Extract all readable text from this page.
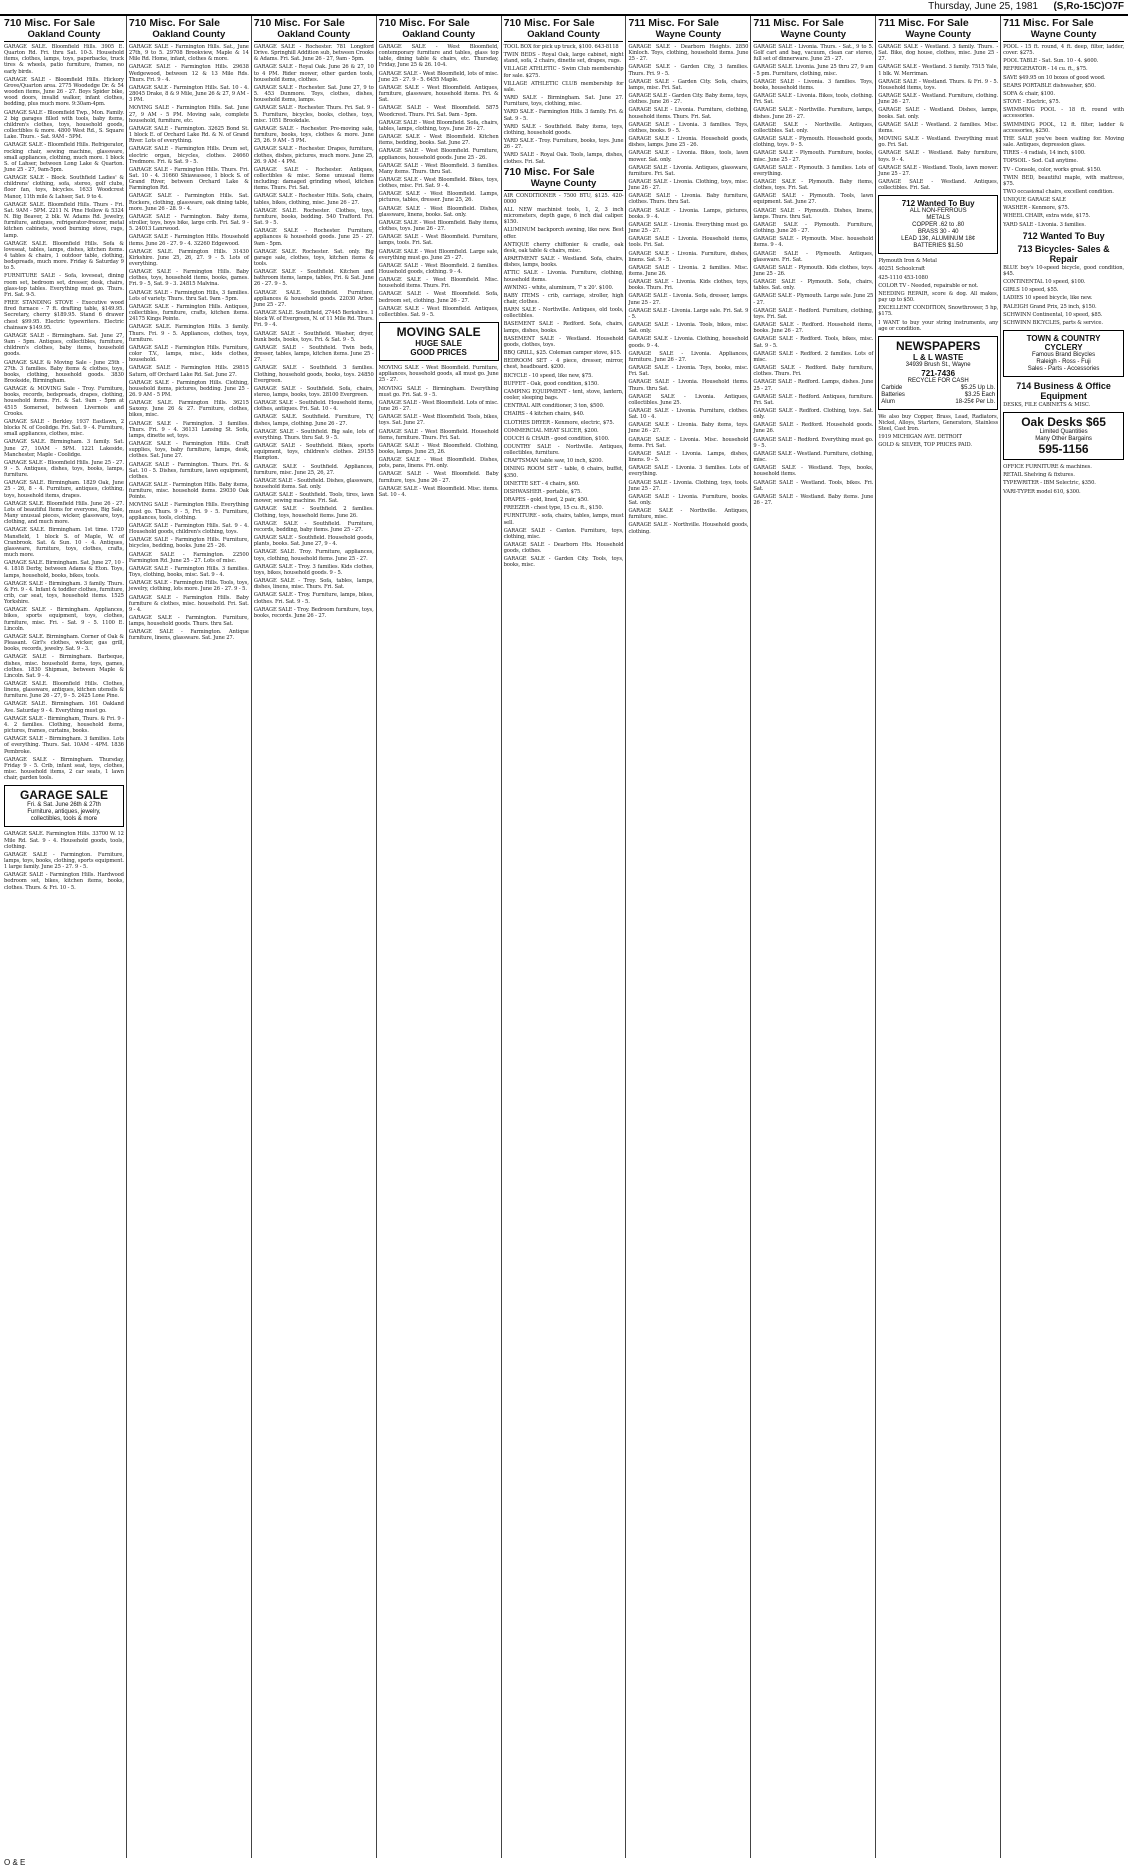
Thursday, June 25, 1981 (S,Ro-15C)O7F
710 Misc. For Sale
Oakland County
GARAGE SALE. Bloomfield Hills. 3905 E. Quarton Rd. Fri. thru Sat. 10-3. Household items, clothes, lamps, toys, paperbacks, truck tires & wheels, patio furniture, frames, no early birds.
GARAGE SALE - Bloomfield Hills. Hickory Grove/Quarton area. 2775 Woodedge Dr. & 54 wooden items, June 26 - 27. Boys Spider bike, wood doors, invalid walker, infant clothes, bedding, plus much more. 9:30am-4pm.
GARAGE SALE - Bloomfield Twp., Mon. Family. 2 big garages filled with tools, baby items, children's clothes, toys, household goods, collectibles & more. 4800 West Rd., S. Square Lake. Thurs. - Sat. 9AM - 5PM.
GARAGE SALE - Bloomfield Hills. Refrigerator, rocking chair, sewing machine, glassware, small appliances, clothing, much more. 1 block S. of Lahser, between Long Lake & Quarton. June 25 - 27, 9am-5pm.
GARAGE SALE - Block. Southfield Ladies' & childrens' clothing, sofa, stereo, golf clubs, floor fan, toys, bicycles. 1633 Woodcrest Manor, 11th mile & Lahser, Sat. 9 to 4.
GARAGE SALE. Bloomfield Hills. Thurs - Fri. Sat. 9AM - 5PM. 2211 N. Pine Hollow & 5324 N. Big Beaver, 2 blk. W. Adams Rd. Jewelry, furniture, antiques, refrigerator-freezer, metal kitchen cabinets, wood burning stove, rugs, lamp.
GARAGE SALE. Bloomfield Hills. Sofa & loveseat, tables, lamps, dishes, kitchen items. 4 tables & chairs, 1 outdoor table, clothing, bedspreads, much more. Friday & Saturday 9 to 5.
FURNITURE SALE - Sofa, loveseat, dining room set, bedroom set, dresser, desk, chairs, glass-top tables. Everything must go. Thurs. Fri. Sat. 9-5.
FREE STANDING STOVE - Executive wood fired furnace - 7 ft. drafting table, $149.95. Secretary, cherry $189.95. Stand 6 drawer chest $99.95. Electric typewriters. Electric chainsaw $149.95.
GARAGE SALE - Birmingham. Sat. June 27, 9am - 5pm. Antiques, collectibles, furniture, children's clothes, baby items, household goods.
GARAGE SALE & Moving Sale - June 25th - 27th. 3 families. Baby items & clothes, toys, books, clothing, household goods. 3830 Brookside, Birmingham.
GARAGE & MOVING Sale - Troy. Furniture, books, records, bedspreads, drapes, clothing, household items. Fri. & Sat. 9am - 5pm at 4515 Somerset, between Livernois and Crooks.
GARAGE SALE - Berkley. 1937 Eastlawn, 2 blocks N. of Coolidge. Fri. Sat. 9 - 4. Furniture, small appliances, clothes, misc.
GARAGE SALE. Birmingham. 3 family. Sat. June 27, 10AM - 5PM. 1221 Lakeside, Manchester, Maple - Coolidge.
GARAGE SALE - Bloomfield Hills. June 25 - 27. 9 - 5. Antiques, dishes, toys, books, lamps, furniture.
GARAGE SALE. Birmingham. 1829 Oak, June 25 - 26, 8 - 4. Furniture, antiques, clothing, toys, household items, drapes.
GARAGE SALE. Bloomfield Hills. June 26 - 27. Lots of beautiful Items for everyone, Big Sale, Many unusual pieces, wicker, glassware, toys, clothing, and much more.
GARAGE SALE. Birmingham. 1st time. 1720 Mansfield, 1 block S. of Maple, W. of Cranbrook. Sat. & Sun. 10 - 4. Antiques, glassware, furniture, toys, clothes, crafts, much more.
GARAGE SALE. Birmingham. Sat. June 27, 10 - 4. 1818 Derby, between Adams & Eton. Toys, lamps, household, books, bikes, tools.
GARAGE SALE - Birmingham. 3 family. Thurs. & Fri. 9 - 4. Infant & toddler clothes, furniture, crib, car seat, toys, household items. 1525 Yorkshire.
GARAGE SALE - Birmingham. Appliances, bikes, sports equipment, toys, clothes, furniture, misc. Fri. - Sat. 9 - 5. 1100 E. Lincoln.
GARAGE SALE. Birmingham. Corner of Oak & Pleasant. Girl's clothes, wicker, gas grill, books, records, jewelry. Sat. 9 - 3.
GARAGE SALE - Birmingham. Barbeque, dishes, misc. household items, toys, games, clothes. 1830 Shipman, between Maple & Lincoln. Sat. 9 - 4.
GARAGE SALE. Bloomfield Hills. Clothes, linens, glassware, antiques, kitchen utensils & furniture. June 26 - 27, 9 - 5. 2425 Lone Pine.
GARAGE SALE. Birmingham. 161 Oakland Ave. Saturday 9 - 4. Everything must go.
GARAGE SALE - Birmingham, Thurs. & Fri. 9 - 4. 2 families. Clothing, household items, pictures, frames, curtains, books.
GARAGE SALE - Birmingham. 3 families. Lots of everything. Thurs. Sat. 10AM - 4PM. 1836 Pembroke.
GARAGE SALE - Birmingham. Thursday, Friday 9 - 5. Crib, infant seat, toys, clothes, misc. household items, 2 car seats, 1 lawn chair, garden tools.
GARAGE SALE
Fri. & Sat. June 26th & 27th
Furniture, antiques, jewelry,
collectibles, tools & more
GARAGE SALE. Farmington Hills. 33700 W. 12 Mile Rd. Sat. 9 - 4. Household goods, tools, clothing.
GARAGE SALE - Farmington. Furniture, lamps, toys, books, clothing, sports equipment. 1 large family. June 25 - 27. 9 - 5.
GARAGE SALE - Farmington Hills. Hardwood bedroom set, bikes, kitchen items, books, clothes. Thurs. & Fri. 10 - 5.
710 Misc. For Sale
Oakland County
GARAGE SALE - Farmington Hills. Sat., June 27th, 9 to 5. 29708 Brookview, Maple & 14 Mile Rd. Home, infant, clothes & more.
GARAGE SALE - Farmington Hills. 29638 Wedgewood, between 12 & 13 Mile Rds. Thurs. Fri. 9 - 4.
GARAGE SALE - Farmington Hills. Sat. 10 - 4. 28045 Drake, 8 & 9 Mile, June 26 & 27, 9 AM - 3 PM.
MOVING SALE - Farmington Hills. Sat. June 27, 9 AM - 5 PM. Moving sale, complete household, furniture, etc.
GARAGE SALE - Farmington. 32625 Bond St. 1 block E. of Orchard Lake Rd. & N. of Grand River. Lots of everything.
GARAGE SALE - Farmington Hills. Drum set, electric organ, bicycles, clothes. 24660 Tredmore. Fri. & Sat. 9 - 5.
GARAGE SALE - Farmington Hills. Thurs. Fri. Sat. 10 - 4. 31660 Shiawassee, 1 block S. of Grand River, between Orchard Lake & Farmington Rd.
GARAGE SALE - Farmington Hills. Sat. Rockers, clothing, glassware, oak dining table, more. June 26 - 28. 9 - 4.
GARAGE SALE - Farmington. Baby items, stroller, toys, boys bike, large crib. Fri. Sat. 9 - 5. 24013 Lanrwood.
GARAGE SALE - Farmington Hills. Household items. June 26 - 27. 9 - 4. 32260 Edgewood.
GARAGE SALE. Farmington Hills. 31430 Kirkshire. June 25, 26, 27. 9 - 5. Lots of everything.
GARAGE SALE - Farmington Hills. Baby clothes, toys, household items, books, games. Fri. 9 - 5, Sat. 9 - 3. 24815 Malvina.
GARAGE SALE - Farmington Hills, 3 families. Lots of variety. Thurs. thru Sat. 9am - 5pm.
GARAGE SALE - Farmington Hills. Antiques, collectibles, furniture, crafts, kitchen items. 24175 Kings Pointe.
GARAGE SALE. Farmington Hills. 3 family. Thurs. Fri. 9 - 5. Appliances, clothes, toys, furniture.
GARAGE SALE - Farmington Hills. Furniture, color T.V., lamps, misc., kids clothes, household.
GARAGE SALE - Farmington Hills. 29815 Saturn, off Orchard Lake Rd. Sat. June 27.
GARAGE SALE - Farmington Hills. Clothing, household items, pictures, bedding. June 25 - 26. 9 AM - 5 PM.
GARAGE SALE. Farmington Hills. 36215 Saxony. June 26 & 27. Furniture, clothes, bikes, misc.
GARAGE SALE - Farmington. 3 families. Thurs. Fri. 9 - 4. 36131 Lansing St. Sofa, lamps, dinette set, toys.
GARAGE SALE - Farmington Hills. Craft supplies, toys, baby furniture, lamps, desk, clothes. Sat. June 27.
GARAGE SALE - Farmington. Thurs. Fri. & Sat. 10 - 5. Dishes, furniture, lawn equipment, clothes.
GARAGE SALE - Farmington Hills. Baby items, furniture, misc. household items. 29030 Oak Pointe.
MOVING SALE - Farmington Hills. Everything must go. Thurs. 9 - 5, Fri. 9 - 5. Furniture, appliances, tools, clothing.
GARAGE SALE - Farmington Hills. Sat. 9 - 4. Household goods, children's clothing, toys.
GARAGE SALE - Farmington Hills. Furniture, bicycles, bedding, books. June 25 - 26.
GARAGE SALE - Farmington. 22500 Farmington Rd. June 25 - 27. Lots of misc.
GARAGE SALE - Farmington Hills. 3 families. Toys, clothing, books, misc. Sat. 9 - 4.
GARAGE SALE - Farmington Hills. Tools, toys, jewelry, clothing, lots more. June 26 - 27. 9 - 5.
GARAGE SALE - Farmington Hills. Baby furniture & clothes, misc. household. Fri. Sat. 9 - 4.
GARAGE SALE - Farmington. Furniture, lamps, household goods. Thurs. thru Sat.
GARAGE SALE - Farmington. Antique furniture, linens, glassware. Sat. June 27.
710 Misc. For Sale
Oakland County
GARAGE SALE - Rochester. 781 Longford Drive. Springhill Addition sub, between Crooks & Adams. Fri. Sat. June 26 - 27, 9am - 5pm.
GARAGE SALE - Royal Oak. June 26 & 27, 10 to 4 PM. Rider mower, other garden tools, household items, clothes.
GARAGE SALE - Rochester. Sat. June 27, 9 to 5. 453 Dunmore. Toys, clothes, dishes, household items, lamps.
GARAGE SALE - Rochester. Thurs. Fri. Sat. 9 - 5. Furniture, bicycles, books, clothes, toys, misc. 1051 Brookdale.
GARAGE SALE - Rochester. Pre-moving sale, furniture, books, toys, clothes & more. June 25, 26. 9 AM - 5 PM.
GARAGE SALE - Rochester. Drapes, furniture, clothes, dishes, pictures, much more. June 25, 26. 9 AM - 4 PM.
GARAGE SALE - Rochester. Antiques, collectibles & misc. Some unusual items including: damaged grinding wheel, kitchen items. Thurs. Fri. Sat.
GARAGE SALE - Rochester Hills. Sofa, chairs, tables, bikes, clothing, misc. June 26 - 27.
GARAGE SALE. Rochester. Clothes, toys, furniture, books, bedding. 540 Trafford. Fri. Sat. 9 - 5.
GARAGE SALE - Rochester. Furniture, appliances & household goods. June 25 - 27. 9am - 5pm.
GARAGE SALE. Rochester. Sat. only. Big garage sale, clothes, toys, kitchen items & tools.
GARAGE SALE - Southfield. Kitchen and bathroom items, lamps, tables, Fri. & Sat. June 26 - 27. 9 - 5.
GARAGE SALE. Southfield. Furniture, appliances & household goods. 22030 Arbor. June 25 - 27.
GARAGE SALE. Southfield, 27445 Berkshire. 1 block W. of Evergreen, N. of 11 Mile Rd. Thurs. Fri. 9 - 4.
GARAGE SALE - Southfield. Washer, dryer, bunk beds, books, toys. Fri. & Sat. 9 - 5.
GARAGE SALE - Southfield. Twin beds, dresser, tables, lamps, kitchen items. June 25 - 27.
GARAGE SALE - Southfield. 3 families. Clothing, household goods, books, toys. 24850 Evergreen.
GARAGE SALE - Southfield. Sofa, chairs, stereo, lamps, books, toys. 28100 Evergreen.
GARAGE SALE - Southfield. Household items, clothes, antiques. Fri. Sat. 10 - 4.
GARAGE SALE. Southfield. Furniture, TV, dishes, lamps, clothing. June 26 - 27.
GARAGE SALE - Southfield. Big sale, lots of everything. Thurs. thru Sat. 9 - 5.
GARAGE SALE - Southfield. Bikes, sports equipment, toys, children's clothes. 29155 Hampton.
GARAGE SALE - Southfield. Appliances, furniture, misc. June 25, 26, 27.
GARAGE SALE - Southfield. Dishes, glassware, household items. Sat. only.
GARAGE SALE - Southfield. Tools, tires, lawn mower, sewing machine. Fri. Sat.
GARAGE SALE - Southfield. 2 families. Clothing, toys, household items. June 26.
GARAGE SALE - Southfield. Furniture, records, bedding, baby items. June 25 - 27.
GARAGE SALE - Southfield. Household goods, plants, books. Sat. June 27, 9 - 4.
GARAGE SALE. Troy. Furniture, appliances, toys, clothing, household items. June 25 - 27.
GARAGE SALE - Troy. 3 families. Kids clothes, toys, bikes, household goods. 9 - 5.
GARAGE SALE - Troy. Sofa, tables, lamps, dishes, linens, misc. Thurs. Fri. Sat.
GARAGE SALE - Troy. Furniture, lamps, bikes, clothes. Fri. Sat. 9 - 5.
GARAGE SALE - Troy. Bedroom furniture, toys, books, records. June 26 - 27.
710 Misc. For Sale
Oakland County
GARAGE SALE - West Bloomfield, contemporary furniture and tables, glass top table, dining table & chairs, etc. Thursday, Friday, June 25 & 26. 10-4.
GARAGE SALE - West Bloomfield, lots of misc. June 25 - 27. 9 - 5. 6455 Maple.
GARAGE SALE - West Bloomfield. Antiques, furniture, glassware, household items. Fri. & Sat.
GARAGE SALE - West Bloomfield. 5875 Woodcrest. Thurs. Fri. Sat. 9am - 5pm.
GARAGE SALE - West Bloomfield. Sofa, chairs, tables, lamps, clothing, toys. June 26 - 27.
GARAGE SALE - West Bloomfield. Kitchen items, bedding, books. Sat. June 27.
GARAGE SALE - West Bloomfield. Furniture, appliances, household goods. June 25 - 26.
GARAGE SALE - West Bloomfield. 3 families. Many items. Thurs. thru Sat.
GARAGE SALE - West Bloomfield. Bikes, toys, clothes, misc. Fri. Sat. 9 - 4.
GARAGE SALE - West Bloomfield. Lamps, pictures, tables, dresser. June 25, 26.
GARAGE SALE - West Bloomfield. Dishes, glassware, linens, books. Sat. only.
GARAGE SALE - West Bloomfield. Baby items, clothes, toys. June 26 - 27.
GARAGE SALE - West Bloomfield. Furniture, lamps, tools. Fri. Sat.
GARAGE SALE - West Bloomfield. Large sale, everything must go. June 25 - 27.
GARAGE SALE - West Bloomfield. 2 families. Household goods, clothing. 9 - 4.
GARAGE SALE - West Bloomfield. Misc. household items. Thurs. Fri.
GARAGE SALE - West Bloomfield. Sofa, bedroom set, clothing. June 26 - 27.
GARAGE SALE - West Bloomfield. Antiques, collectibles. Sat. 9 - 5.
MOVING SALE
HUGE SALE
GOOD PRICES
MOVING SALE - West Bloomfield. Furniture, appliances, household goods, all must go. June 25 - 27.
MOVING SALE - Birmingham. Everything must go. Fri. Sat. 9 - 5.
GARAGE SALE - West Bloomfield. Lots of misc. June 26 - 27.
GARAGE SALE - West Bloomfield. Tools, bikes, toys. Sat. June 27.
GARAGE SALE - West Bloomfield. Household items, furniture. Thurs. Fri. Sat.
GARAGE SALE - West Bloomfield. Clothing, books, lamps. June 25, 26.
GARAGE SALE - West Bloomfield. Dishes, pots, pans, linens. Fri. only.
GARAGE SALE - West Bloomfield. Baby furniture, toys. June 26 - 27.
GARAGE SALE - West Bloomfield. Misc. items. Sat. 10 - 4.
710 Misc. For Sale
Oakland County
TOOL BOX for pick up truck, $100. 643-8118
TWIN BEDS - Royal Oak, large cabinet, night stand, sofa, 2 chairs, dinette set, drapes, rugs.
VILLAGE ATHLETIC - Swim Club membership for sale. $275.
VILLAGE ATHLETIC CLUB membership for sale.
YARD SALE - Birmingham. Sat. June 27. Furniture, toys, clothing, misc.
YARD SALE - Farmington Hills. 3 family. Fri. & Sat. 9 - 5.
YARD SALE - Southfield. Baby items, toys, clothing, household goods.
YARD SALE - Troy. Furniture, books, toys. June 26 - 27.
YARD SALE - Royal Oak. Tools, lamps, dishes, clothes. Fri. Sat.
710 Misc. For Sale
Wayne County
AIR CONDITIONER - 7500 BTU, $125. 420-0000
ALL NEW machinist tools, 1, 2, 3 inch micrometers, depth gage, 6 inch dial caliper. $150.
ALUMINUM backporch awning, like new. Best offer.
ANTIQUE cherry chiffonier & cradle, oak desk, oak table & chairs, misc.
APARTMENT SALE - Westland. Sofa, chairs, dishes, lamps, books.
ATTIC SALE - Livonia. Furniture, clothing, household items.
AWNING - white, aluminum, 7' x 20'. $100.
BABY ITEMS - crib, carriage, stroller, high chair, clothes.
BARN SALE - Northville. Antiques, old tools, collectibles.
BASEMENT SALE - Redford. Sofa, chairs, lamps, dishes, books.
BASEMENT SALE - Westland. Household goods, clothes, toys.
BBQ GRILL, $25. Coleman camper stove, $15.
BEDROOM SET - 4 piece, dresser, mirror, chest, headboard. $200.
BICYCLE - 10 speed, like new, $75.
BUFFET - Oak, good condition, $150.
CAMPING EQUIPMENT - tent, stove, lantern, cooler, sleeping bags.
CENTRAL AIR conditioner, 3 ton, $500.
CHAIRS - 4 kitchen chairs, $40.
CLOTHES DRYER - Kenmore, electric, $75.
COMMERCIAL MEAT SLICER, $200.
COUCH & CHAIR - good condition, $100.
COUNTRY SALE - Northville. Antiques, collectibles, furniture.
CRAFTSMAN table saw, 10 inch, $200.
DINING ROOM SET - table, 6 chairs, buffet, $350.
DINETTE SET - 4 chairs, $60.
DISHWASHER - portable, $75.
DRAPES - gold, lined, 2 pair, $50.
FREEZER - chest type, 15 cu. ft., $150.
FURNITURE - sofa, chairs, tables, lamps, must sell.
GARAGE SALE - Canton. Furniture, toys, clothing, misc.
GARAGE SALE - Dearborn Hts. Household goods, clothes.
GARAGE SALE - Garden City. Tools, toys, books, misc.
711 Misc. For Sale
Wayne County
GARAGE SALE - Dearborn Heights. 2850 Kinloch. Toys, clothing, household items. June 25 - 27.
GARAGE SALE - Garden City, 3 families. Thurs. Fri. 9 - 5.
GARAGE SALE - Garden City. Sofa, chairs, lamps, misc. Fri. Sat.
GARAGE SALE - Garden City. Baby items, toys, clothes. June 26 - 27.
GARAGE SALE - Livonia. Furniture, clothing, household items. Thurs. Fri. Sat.
GARAGE SALE - Livonia. 3 families. Toys, clothes, books. 9 - 5.
GARAGE SALE - Livonia. Household goods, dishes, lamps. June 25 - 26.
GARAGE SALE - Livonia. Bikes, tools, lawn mower. Sat. only.
GARAGE SALE - Livonia. Antiques, glassware, furniture. Fri. Sat.
GARAGE SALE - Livonia. Clothing, toys, misc. June 26 - 27.
GARAGE SALE - Livonia. Baby furniture, clothes. Thurs. thru Sat.
GARAGE SALE - Livonia. Lamps, pictures, books. 9 - 4.
GARAGE SALE - Livonia. Everything must go. June 25 - 27.
GARAGE SALE - Livonia. Household items, tools. Fri. Sat.
GARAGE SALE - Livonia. Furniture, dishes, linens. Sat. 9 - 5.
GARAGE SALE - Livonia. 2 families. Misc. items. June 26.
GARAGE SALE - Livonia. Kids clothes, toys, books. Thurs. Fri.
GARAGE SALE - Livonia. Sofa, dresser, lamps. June 25 - 27.
GARAGE SALE - Livonia. Large sale. Fri. Sat. 9 - 5.
GARAGE SALE - Livonia. Tools, bikes, misc. Sat. only.
GARAGE SALE - Livonia. Clothing, household goods. 9 - 4.
GARAGE SALE - Livonia. Appliances, furniture. June 26 - 27.
GARAGE SALE - Livonia. Toys, books, misc. Fri. Sat.
GARAGE SALE - Livonia. Household items. Thurs. thru Sat.
GARAGE SALE - Livonia. Antiques, collectibles. June 25.
GARAGE SALE - Livonia. Furniture, clothes. Sat. 10 - 4.
GARAGE SALE - Livonia. Baby items, toys. June 26 - 27.
GARAGE SALE - Livonia. Misc. household items. Fri. Sat.
GARAGE SALE - Livonia. Lamps, dishes, linens. 9 - 5.
GARAGE SALE - Livonia. 3 families. Lots of everything.
GARAGE SALE - Livonia. Clothing, toys, tools. June 25 - 27.
GARAGE SALE - Livonia. Furniture, books. Sat. only.
GARAGE SALE - Northville. Antiques, furniture, misc.
GARAGE SALE - Northville. Household goods, clothing.
711 Misc. For Sale
Wayne County
GARAGE SALE - Livonia. Thurs. - Sat., 9 to 5. Golf cart and bag, vacuum, clean car stereo, full set of dinnerware. June 25 - 27.
GARAGE SALE. Livonia. June 25 thru 27, 9 am - 5 pm. Furniture, clothing, misc.
GARAGE SALE - Livonia. 3 families. Toys, books, household items.
GARAGE SALE - Livonia. Bikes, tools, clothing. Fri. Sat.
GARAGE SALE - Northville. Furniture, lamps, dishes. June 26 - 27.
GARAGE SALE - Northville. Antiques, collectibles. Sat. only.
GARAGE SALE - Plymouth. Household goods, clothing, toys. 9 - 5.
GARAGE SALE - Plymouth. Furniture, books, misc. June 25 - 27.
GARAGE SALE - Plymouth. 3 families. Lots of everything.
GARAGE SALE - Plymouth. Baby items, clothes, toys. Fri. Sat.
GARAGE SALE - Plymouth. Tools, lawn equipment. Sat. June 27.
GARAGE SALE - Plymouth. Dishes, linens, lamps. Thurs. thru Sat.
GARAGE SALE - Plymouth. Furniture, clothing. June 26 - 27.
GARAGE SALE - Plymouth. Misc. household items. 9 - 4.
GARAGE SALE - Plymouth. Antiques, glassware. Fri. Sat.
GARAGE SALE - Plymouth. Kids clothes, toys. June 25 - 26.
GARAGE SALE - Plymouth. Sofa, chairs, tables. Sat. only.
GARAGE SALE - Plymouth. Large sale. June 25 - 27.
GARAGE SALE - Redford. Furniture, clothing, toys. Fri. Sat.
GARAGE SALE - Redford. Household items, books. June 26 - 27.
GARAGE SALE - Redford. Tools, bikes, misc. Sat. 9 - 5.
GARAGE SALE - Redford. 2 families. Lots of misc.
GARAGE SALE - Redford. Baby furniture, clothes. Thurs. Fri.
GARAGE SALE - Redford. Lamps, dishes. June 25 - 27.
GARAGE SALE - Redford. Antiques, furniture. Fri. Sat.
GARAGE SALE - Redford. Clothing, toys. Sat. only.
GARAGE SALE - Redford. Household goods. June 26.
GARAGE SALE - Redford. Everything must go. 9 - 5.
GARAGE SALE - Westland. Furniture, clothing, misc.
GARAGE SALE - Westland. Toys, books, household items.
GARAGE SALE - Westland. Tools, bikes. Fri. Sat.
GARAGE SALE - Westland. Baby items. June 26 - 27.
711 Misc. For Sale
Wayne County
GARAGE SALE - Westland. 3 family. Thurs. - Sat. Bike, dog house, clothes, misc. June 25 - 27.
GARAGE SALE - Westland. 3 family. 7515 Yale, 1 blk. W. Merriman.
GARAGE SALE - Westland. Thurs. & Fri. 9 - 5. Household items, toys.
GARAGE SALE - Westland. Furniture, clothing. June 26 - 27.
GARAGE SALE - Westland. Dishes, lamps, books. Sat. only.
GARAGE SALE - Westland. 2 families. Misc. items.
MOVING SALE - Westland. Everything must go. Fri. Sat.
GARAGE SALE - Westland. Baby furniture, toys. 9 - 4.
GARAGE SALE - Westland. Tools, lawn mower. June 25 - 27.
GARAGE SALE - Westland. Antiques, collectibles. Fri. Sat.
712 Wanted To Buy
ALL NON-FERROUS
METALS
COPPER .62 to .80
BRASS 30 - 40
LEAD 13¢, ALUMINUM 18¢
BATTERIES $1.50
Plymouth Iron & Metal
40251 Schoolcraft
425-1110 453-1080
COLOR TV - Needed, repairable or not.
NEEDING REPAIR, score & dog. All makes, pay up to $50.
EXCELLENT CONDITION, Snowthrower, 5 hp, $175.
I WANT to buy your string instruments, any age or condition.
NEWSPAPERS
L & L WASTE
34939 Brush St., Wayne
721-7436
RECYCLE FOR CASH
Carbide	$5.25 Up Lb.
Batteries	$3.25 Each
Alum	18-25¢ Per Lb.
We also buy Copper, Brass, Lead, Radiators, Nickel, Alloys, Starters, Generators, Stainless Steel, Cast Iron.
1919 MICHIGAN AVE. DETROIT
GOLD & SILVER, TOP PRICES PAID.
711 Misc. For Sale
Wayne County
POOL - 15 ft. round, 4 ft. deep, filter, ladder, cover. $275.
POOL TABLE - Sat. Sun. 10 - 4. $600.
REFRIGERATOR - 14 cu. ft., $75.
SAVE $49.95 on 10 boxes of good wood.
SEARS PORTABLE dishwasher, $50.
SOFA & chair, $100.
STOVE - Electric, $75.
SWIMMING POOL - 18 ft. round with accessories.
SWIMMING POOL, 12 ft. filter, ladder & accessories, $250.
THE SALE you've been waiting for. Moving sale. Antiques, depression glass.
TIRES - 4 radials, 14 inch, $100.
TOPSOIL - Sod. Call anytime.
TV - Console, color, works great. $150.
TWIN BED, beautiful maple, with mattress, $75.
TWO occasional chairs, excellent condition.
UNIQUE GARAGE SALE
WASHER - Kenmore, $75.
WHEEL CHAIR, extra wide, $175.
YARD SALE - Livonia. 3 families.
712 Wanted To Buy
713 Bicycles- Sales & Repair
BLUE boy's 10-speed bicycle, good condition, $45.
CONTINENTAL 10 speed, $100.
GIRLS 10 speed, $55.
LADIES 10 speed bicycle, like new.
RALEIGH Grand Prix, 25 inch, $150.
SCHWINN Continental, 10 speed, $85.
SCHWINN BICYCLES, parts & service.
TOWN & COUNTRY
CYCLERY
Famous Brand Bicycles
Raleigh - Ross - Fuji
Sales - Parts - Accessories
714 Business & Office Equipment
DESKS, FILE CABINETS & MISC.
Oak Desks $65
Limited Quantities
Many Other Bargains
595-1156
OFFICE FURNITURE & machines.
RETAIL Shelving & fixtures.
TYPEWRITER - IBM Selectric, $350.
VARI-TYPER model 610, $300.
O & E
